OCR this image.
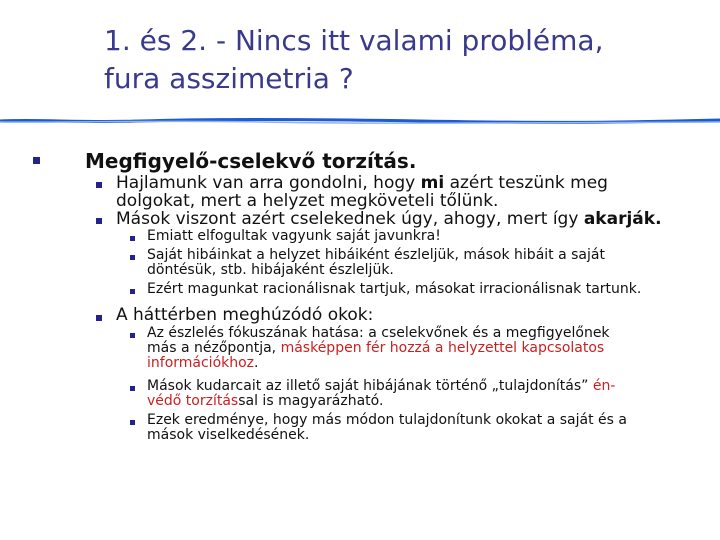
1. és 2. - Nincs itt valami probléma,
fura asszimetria ?

Megfigyelő-cselekvő torzítás.

Hajlamunk van arra gondolni, hogy mi azért teszünk meg
dolgokat, mert a helyzet megköveteli tőlünk.

Mások viszont azért cselekednek úgy, ahogy, mert így akarják.

Emiatt elfogultak vagyunk saját javunkra!

Saját hibáinkat a helyzet hibáiként észleljük, mások hibáit a saját
döntésük, stb. hibájaként észleljük.

Ezért magunkat racionálisnak tartjuk, másokat irracionálisnak tartunk.

A háttérben meghúzódó okok:

Az észlelés fókuszának hatása: a cselekvőnek és a megfigyelőnek
más a nézőpontja, másképpen fér hozzá a helyzettel kapcsolatos
információkhoz.

Mások kudarcait az illető saját hibájának történő „tulajdonítás” én-
védő torzítással is magyarázható.

Ezek eredménye, hogy más módon tulajdonítunk okokat a saját és a
mások viselkedésének.
